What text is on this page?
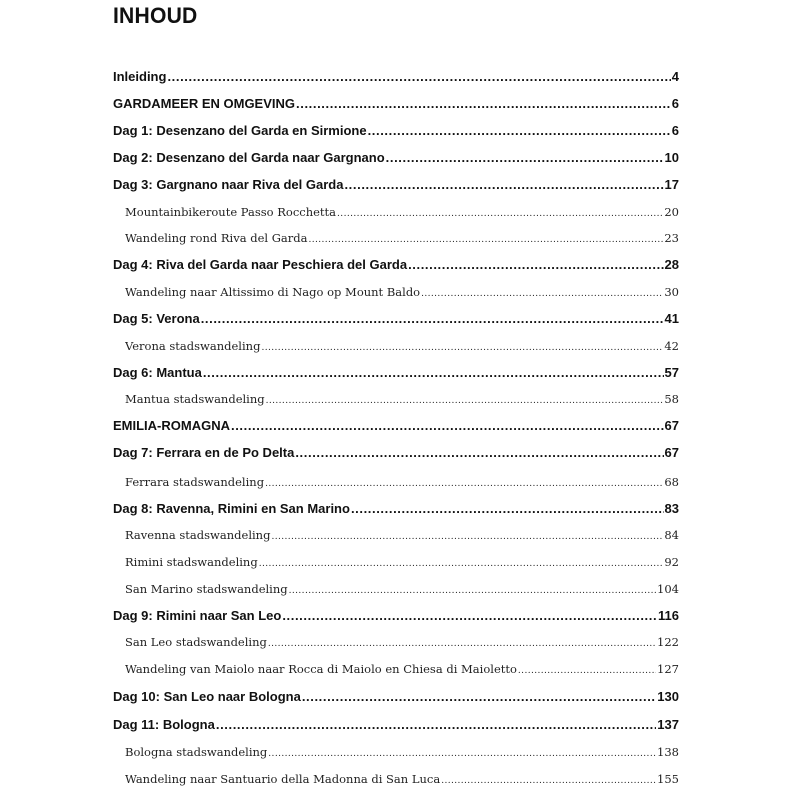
INHOUD
Inleiding .....	4
GARDAMEER EN OMGEVING .....	6
Dag 1: Desenzano del Garda en Sirmione .....	6
Dag 2: Desenzano del Garda naar Gargnano .....	10
Dag 3: Gargnano naar Riva del Garda .....	17
Mountainbikeroute Passo Rocchetta .....	20
Wandeling rond Riva del Garda .....	23
Dag 4: Riva del Garda naar Peschiera del Garda .....	28
Wandeling naar Altissimo di Nago op Mount Baldo .....	30
Dag 5: Verona .....	41
Verona stadswandeling .....	42
Dag 6: Mantua .....	57
Mantua stadswandeling .....	58
EMILIA-ROMAGNA .....	67
Dag 7: Ferrara en de Po Delta .....	67
Ferrara stadswandeling .....	68
Dag 8: Ravenna, Rimini en San Marino .....	83
Ravenna stadswandeling .....	84
Rimini stadswandeling .....	92
San Marino stadswandeling .....	104
Dag 9: Rimini naar San Leo .....	116
San Leo stadswandeling .....	122
Wandeling van Maiolo naar Rocca di Maiolo en Chiesa di Maioletto .....	127
Dag 10: San Leo naar Bologna .....	130
Dag 11: Bologna .....	137
Bologna stadswandeling .....	138
Wandeling naar Santuario della Madonna di San Luca .....	155
